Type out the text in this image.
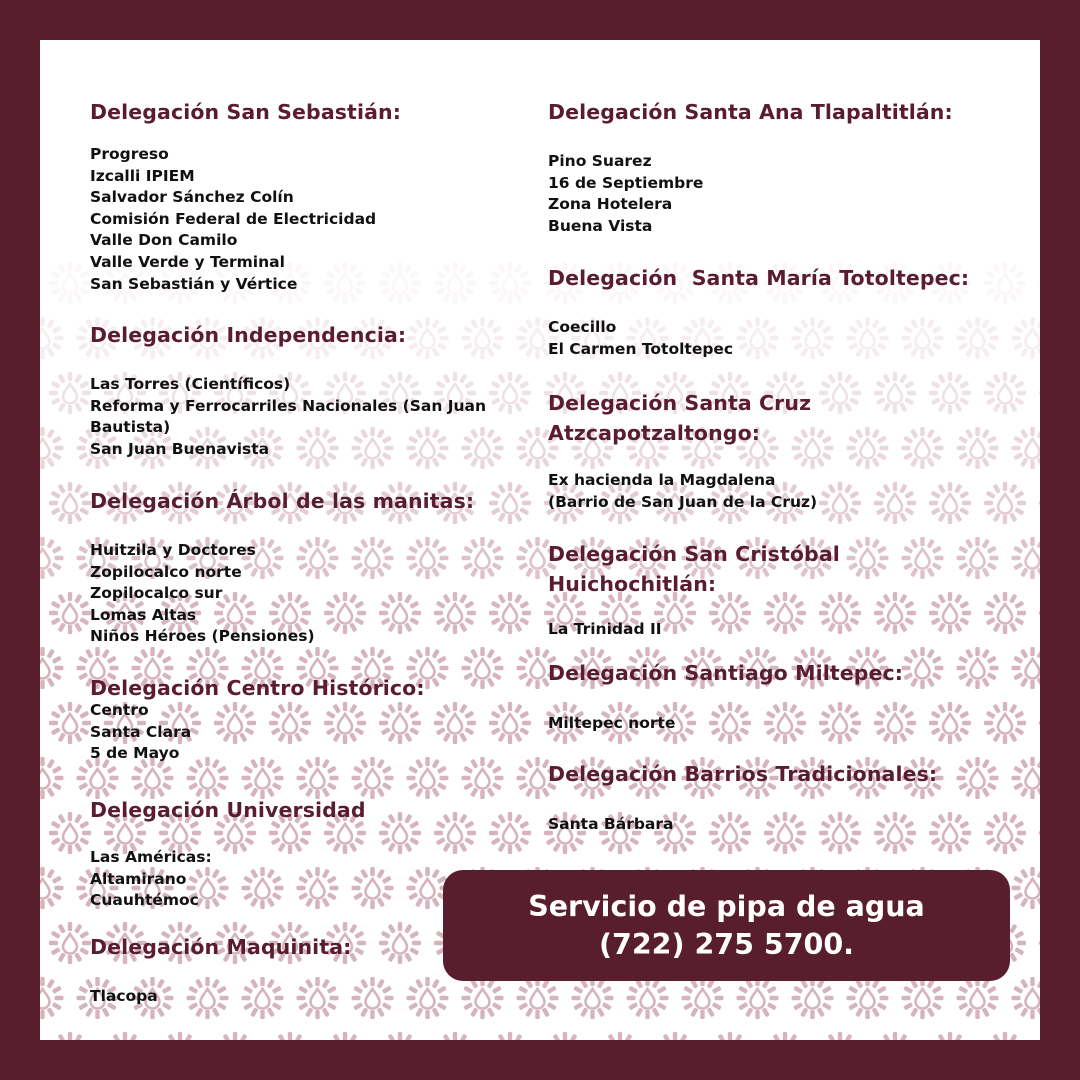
Delegación San Sebastián:
Progreso
Izcalli IPIEM
Salvador Sánchez Colín
Comisión Federal de Electricidad
Valle Don Camilo
Valle Verde y Terminal
San Sebastián y Vértice
Delegación Independencia:
Las Torres (Científicos)
Reforma y Ferrocarriles Nacionales (San Juan Bautista)
San Juan Buenavista
Delegación Árbol de las manitas:
Huitzila y Doctores
Zopilocalco norte
Zopilocalco sur
Lomas Altas
Niños Héroes (Pensiones)
Delegación Centro Histórico:
Centro
Santa Clara
5 de Mayo
Delegación Universidad
Las Américas:
Altamirano
Cuauhtémoc
Delegación Maquinita:
Tlacopa
Delegación Santa Ana Tlapaltitlán:
Pino Suarez
16 de Septiembre
Zona Hotelera
Buena Vista
Delegación  Santa María Totoltepec:
Coecillo
El Carmen Totoltepec
Delegación Santa Cruz Atzcapotzaltongo:
Ex hacienda la Magdalena
(Barrio de San Juan de la Cruz)
Delegación San Cristóbal Huichochitlán:
La Trinidad II
Delegación Santiago Miltepec:
Miltepec norte
Delegación Barrios Tradicionales:
Santa Bárbara
Servicio de pipa de agua
(722) 275 5700.
